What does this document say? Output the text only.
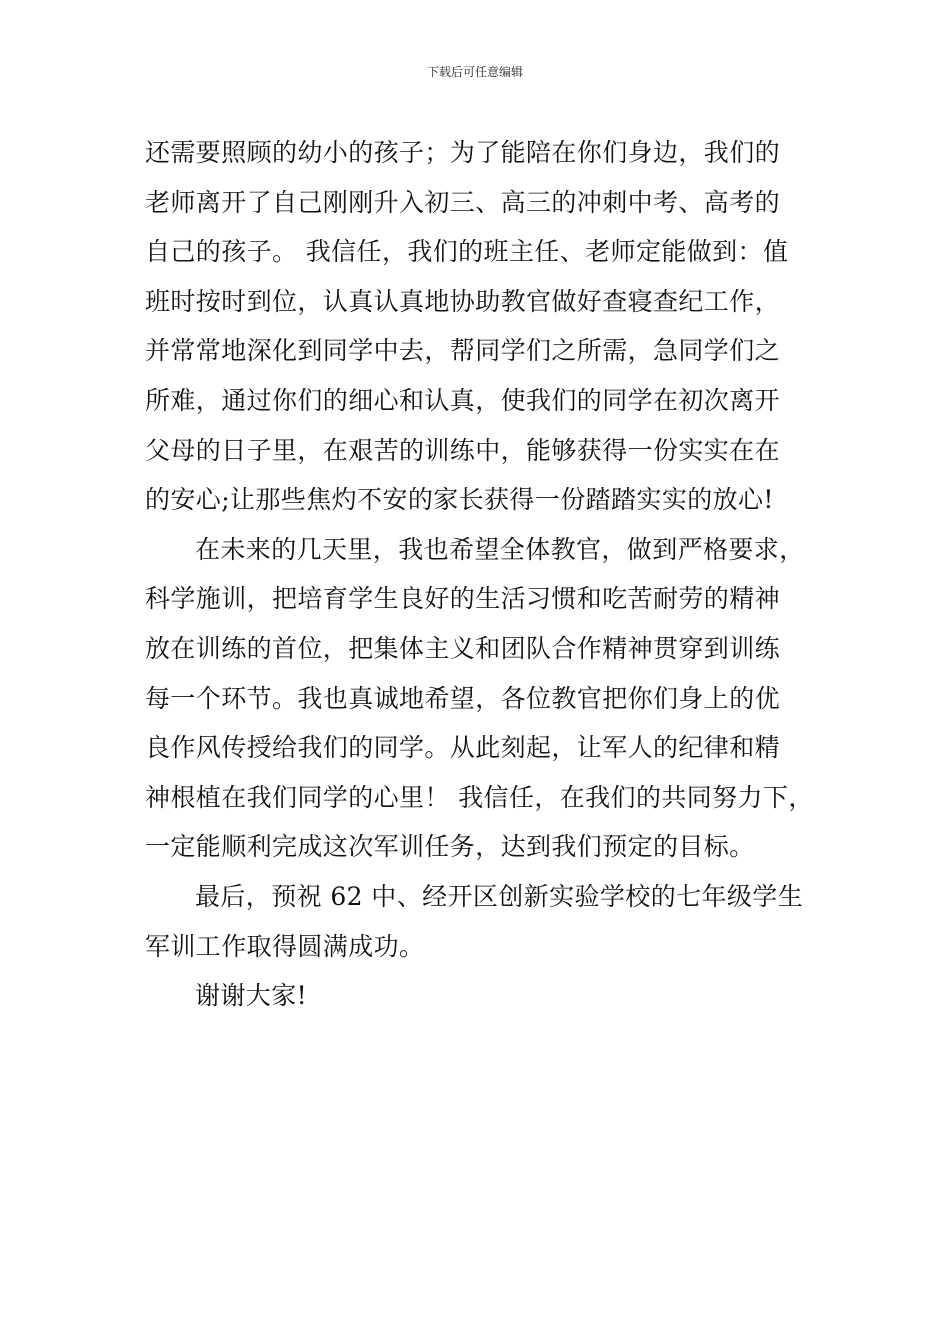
下载后可任意编辑
还需要照顾的幼小的孩子；为了能陪在你们身边，我们的
老师离开了自己刚刚升入初三、高三的冲刺中考、高考的
自己的孩子。 我信任，我们的班主任、老师定能做到：值
班时按时到位，认真认真地协助教官做好查寝查纪工作，
并常常地深化到同学中去，帮同学们之所需，急同学们之
所难，通过你们的细心和认真，使我们的同学在初次离开
父母的日子里，在艰苦的训练中，能够获得一份实实在在
的安心;让那些焦灼不安的家长获得一份踏踏实实的放心!
在未来的几天里，我也希望全体教官，做到严格要求，
科学施训，把培育学生良好的生活习惯和吃苦耐劳的精神
放在训练的首位，把集体主义和团队合作精神贯穿到训练
每一个环节。我也真诚地希望，各位教官把你们身上的优
良作风传授给我们的同学。从此刻起，让军人的纪律和精
神根植在我们同学的心里！ 我信任，在我们的共同努力下，
一定能顺利完成这次军训任务，达到我们预定的目标。
最后，预祝 62 中、经开区创新实验学校的七年级学生
军训工作取得圆满成功。
谢谢大家!
